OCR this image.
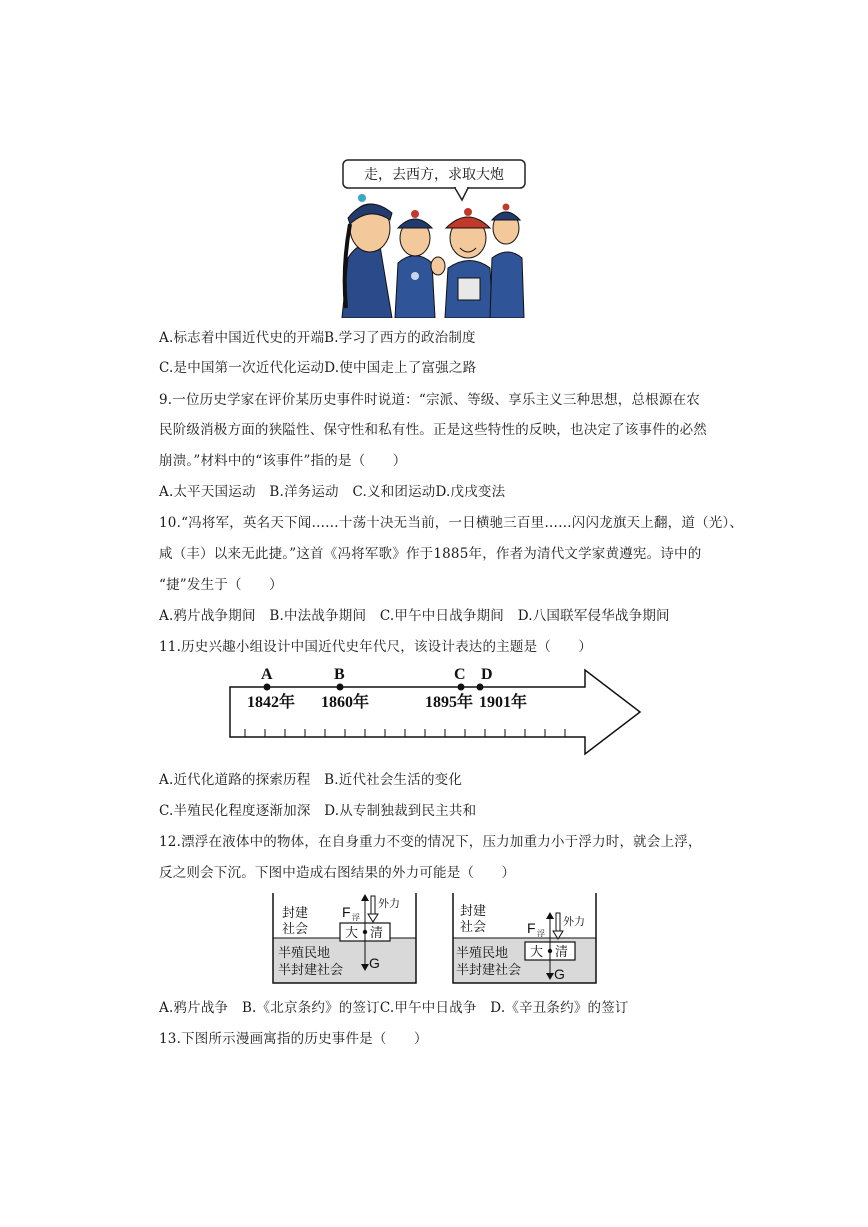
走，去西方，求取大炮
A.标志着中国近代史的开端B.学习了西方的政治制度
C.是中国第一次近代化运动D.使中国走上了富强之路
9.一位历史学家在评价某历史事件时说道：“宗派、等级、享乐主义三种思想，总根源在农
民阶级消极方面的狭隘性、保守性和私有性。正是这些特性的反映，也决定了该事件的必然
崩溃。”材料中的“该事件”指的是（　　）
A.太平天国运动　B.洋务运动　C.义和团运动D.戊戌变法
10.“冯将军，英名天下闻……十荡十决无当前，一日横驰三百里……闪闪龙旗天上翻，道（光）、
咸（丰）以来无此捷。”这首《冯将军歌》作于1885年，作者为清代文学家黄遵宪。诗中的
“捷”发生于（　　）
A.鸦片战争期间　B.中法战争期间　C.甲午中日战争期间　D.八国联军侵华战争期间
11.历史兴趣小组设计中国近代史年代尺，该设计表达的主题是（　　）
A
1842年
B
1860年
C
1895年
D
1901年
A.近代化道路的探索历程　B.近代社会生活的变化
C.半殖民化程度逐渐加深　D.从专制独裁到民主共和
12.漂浮在液体中的物体，在自身重力不变的情况下，压力加重力小于浮力时，就会上浮，
反之则会下沉。下图中造成右图结果的外力可能是（　　）
封建
社会
半殖民地
半封建社会
大 清
F 浮
外力
G
封建
社会
半殖民地
半封建社会
大 清
F 浮
外力
G
A.鸦片战争　B.《北京条约》的签订C.甲午中日战争　D.《辛丑条约》的签订
13.下图所示漫画寓指的历史事件是（　　）
